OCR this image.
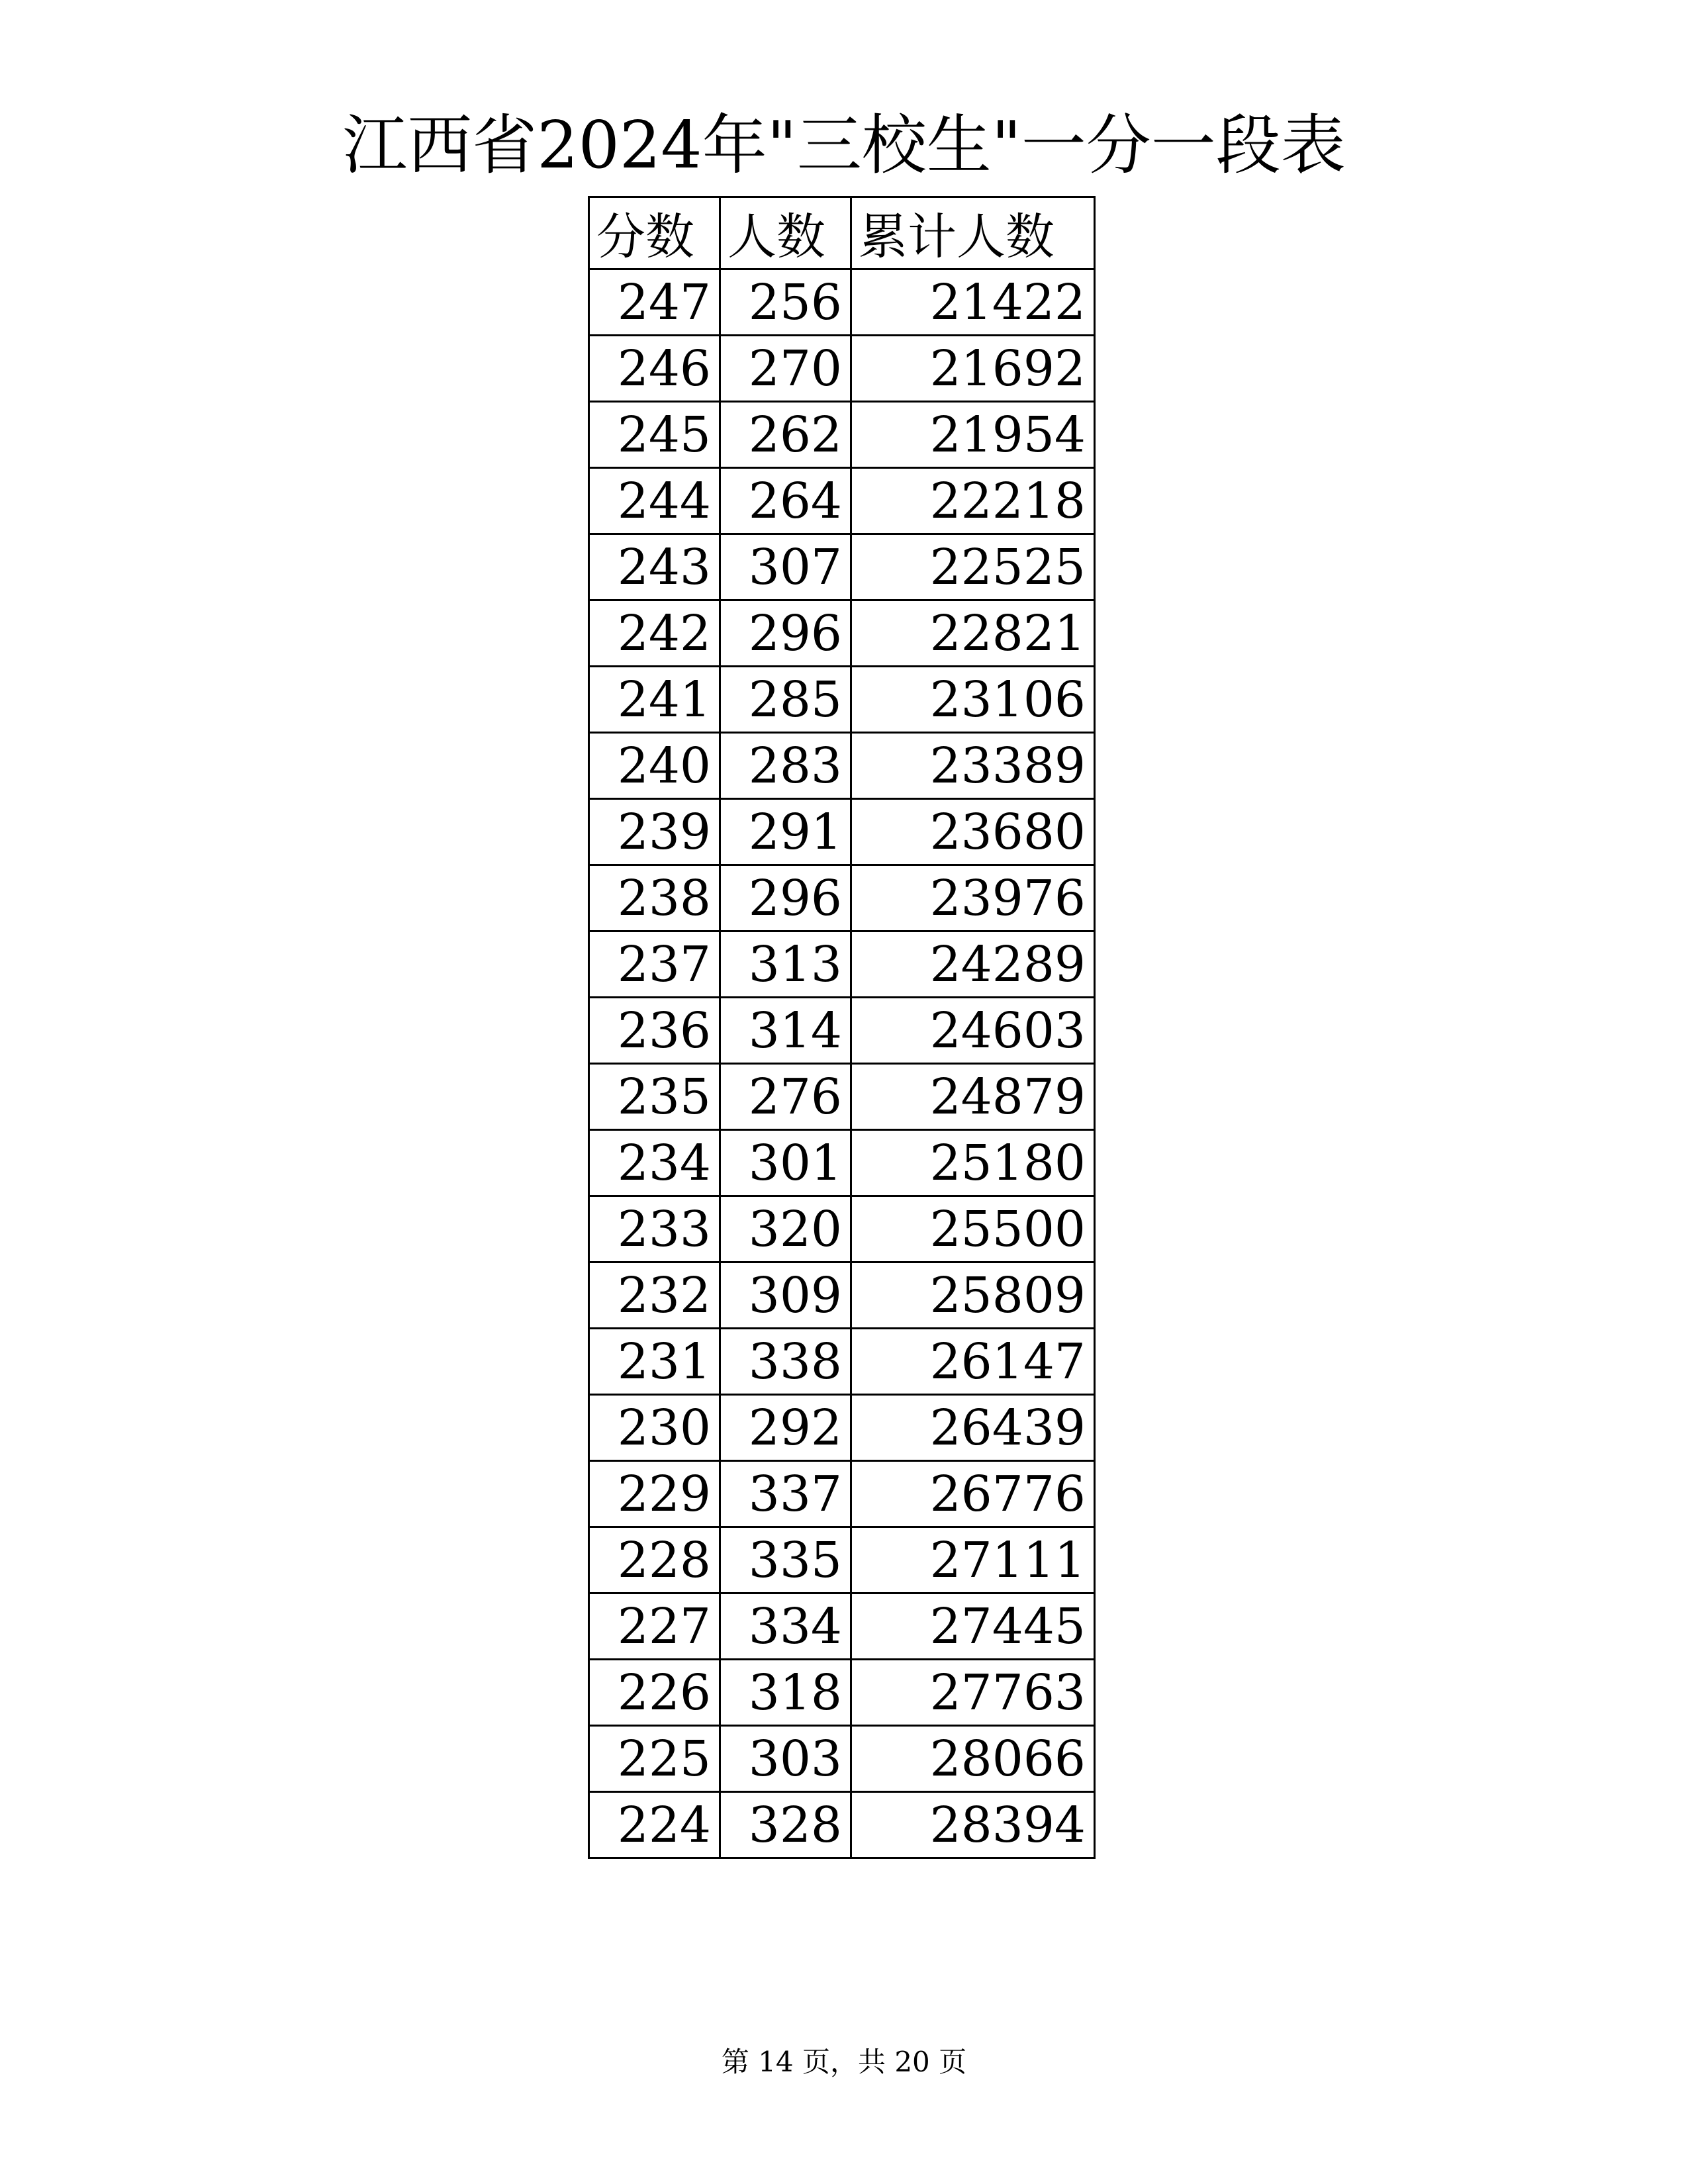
江西省2024年"三校生"一分一段表
分数	人数	累计人数
247	256	21422
246	270	21692
245	262	21954
244	264	22218
243	307	22525
242	296	22821
241	285	23106
240	283	23389
239	291	23680
238	296	23976
237	313	24289
236	314	24603
235	276	24879
234	301	25180
233	320	25500
232	309	25809
231	338	26147
230	292	26439
229	337	26776
228	335	27111
227	334	27445
226	318	27763
225	303	28066
224	328	28394
第 14 页，共 20 页
